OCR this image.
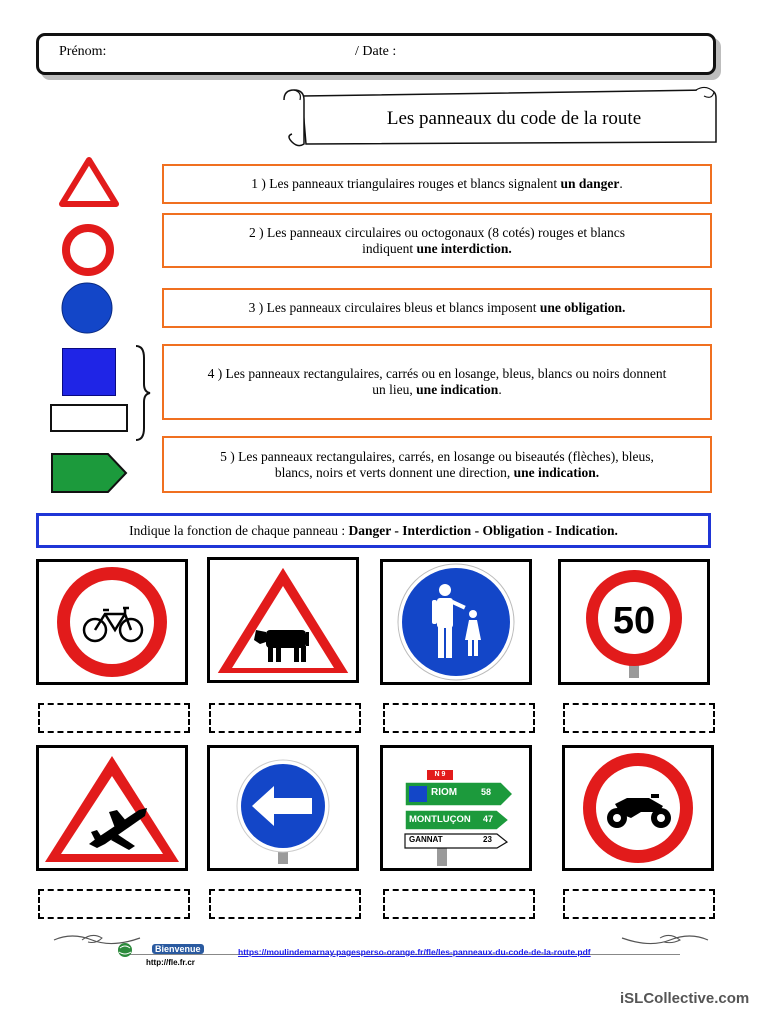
Prénom:	/ Date :
Les panneaux du code de la route
1 ) Les panneaux triangulaires rouges et blancs signalent un danger.
2 ) Les panneaux circulaires ou octogonaux (8 cotés) rouges et blancs indiquent une interdiction.
3 ) Les panneaux circulaires bleus et blancs imposent une obligation.
4 ) Les panneaux rectangulaires, carrés ou en losange, bleus, blancs ou noirs donnent un lieu, une indication.
5 ) Les panneaux rectangulaires, carrés, en losange ou biseautés (flèches), bleus, blancs, noirs et verts donnent une direction, une indication.
Indique la fonction de chaque panneau : Danger - Interdiction - Obligation - Indication.
50
N 9
RIOM	58
MONTLUÇON 47
GANNAT	23
Bienvenue
http://fle.fr.cr
https://moulindemarnay.pagesperso-orange.fr/fle/les-panneaux-du-code-de-la-route.pdf
iSLCollective.com
